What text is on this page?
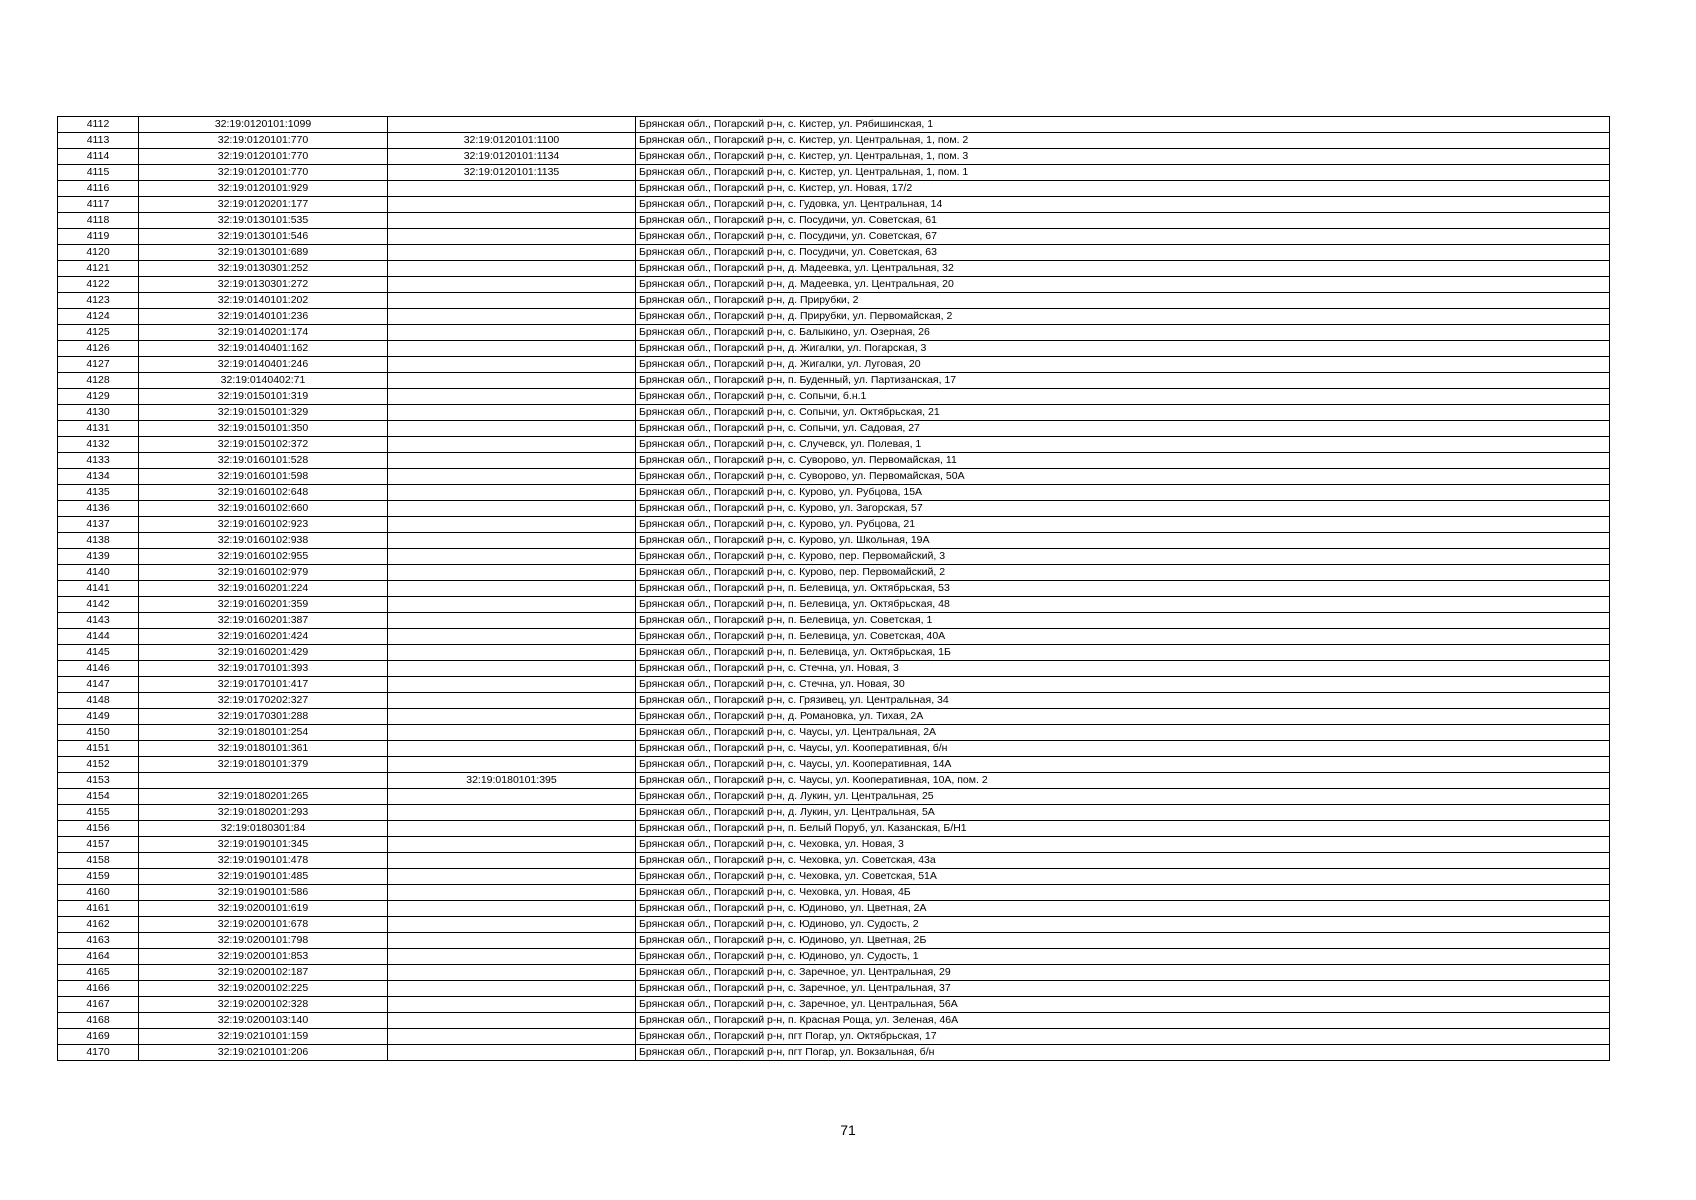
4112	32:19:0120101:1099		Брянская обл., Погарский р-н, с. Кистер, ул. Рябишинская, 1
4113	32:19:0120101:770	32:19:0120101:1100	Брянская обл., Погарский р-н, с. Кистер, ул. Центральная, 1, пом. 2
4114	32:19:0120101:770	32:19:0120101:1134	Брянская обл., Погарский р-н, с. Кистер, ул. Центральная, 1, пом. 3
4115	32:19:0120101:770	32:19:0120101:1135	Брянская обл., Погарский р-н, с. Кистер, ул. Центральная, 1, пом. 1
4116	32:19:0120101:929		Брянская обл., Погарский р-н, с. Кистер, ул. Новая, 17/2
4117	32:19:0120201:177		Брянская обл., Погарский р-н, с. Гудовка, ул. Центральная, 14
4118	32:19:0130101:535		Брянская обл., Погарский р-н, с. Посудичи, ул. Советская, 61
4119	32:19:0130101:546		Брянская обл., Погарский р-н, с. Посудичи, ул. Советская, 67
4120	32:19:0130101:689		Брянская обл., Погарский р-н, с. Посудичи, ул. Советская, 63
4121	32:19:0130301:252		Брянская обл., Погарский р-н, д. Мадеевка, ул. Центральная, 32
4122	32:19:0130301:272		Брянская обл., Погарский р-н, д. Мадеевка, ул. Центральная, 20
4123	32:19:0140101:202		Брянская обл., Погарский р-н, д. Прирубки, 2
4124	32:19:0140101:236		Брянская обл., Погарский р-н, д. Прирубки, ул. Первомайская, 2
4125	32:19:0140201:174		Брянская обл., Погарский р-н, с. Балыкино, ул. Озерная, 26
4126	32:19:0140401:162		Брянская обл., Погарский р-н, д. Жигалки, ул. Погарская, 3
4127	32:19:0140401:246		Брянская обл., Погарский р-н, д. Жигалки, ул. Луговая, 20
4128	32:19:0140402:71		Брянская обл., Погарский р-н, п. Буденный, ул. Партизанская, 17
4129	32:19:0150101:319		Брянская обл., Погарский р-н, с. Сопычи, б.н.1
4130	32:19:0150101:329		Брянская обл., Погарский р-н, с. Сопычи, ул. Октябрьская, 21
4131	32:19:0150101:350		Брянская обл., Погарский р-н, с. Сопычи, ул. Садовая, 27
4132	32:19:0150102:372		Брянская обл., Погарский р-н, с. Случевск, ул. Полевая, 1
4133	32:19:0160101:528		Брянская обл., Погарский р-н, с. Суворово, ул. Первомайская, 11
4134	32:19:0160101:598		Брянская обл., Погарский р-н, с. Суворово, ул. Первомайская, 50А
4135	32:19:0160102:648		Брянская обл., Погарский р-н, с. Курово, ул. Рубцова, 15А
4136	32:19:0160102:660		Брянская обл., Погарский р-н, с. Курово, ул. Загорская, 57
4137	32:19:0160102:923		Брянская обл., Погарский р-н, с. Курово, ул. Рубцова, 21
4138	32:19:0160102:938		Брянская обл., Погарский р-н, с. Курово, ул. Школьная, 19А
4139	32:19:0160102:955		Брянская обл., Погарский р-н, с. Курово, пер. Первомайский, 3
4140	32:19:0160102:979		Брянская обл., Погарский р-н, с. Курово, пер. Первомайский, 2
4141	32:19:0160201:224		Брянская обл., Погарский р-н, п. Белевица, ул. Октябрьская, 53
4142	32:19:0160201:359		Брянская обл., Погарский р-н, п. Белевица, ул. Октябрьская, 48
4143	32:19:0160201:387		Брянская обл., Погарский р-н, п. Белевица, ул. Советская, 1
4144	32:19:0160201:424		Брянская обл., Погарский р-н, п. Белевица, ул. Советская, 40А
4145	32:19:0160201:429		Брянская обл., Погарский р-н, п. Белевица, ул. Октябрьская, 1Б
4146	32:19:0170101:393		Брянская обл., Погарский р-н, с. Стечна, ул. Новая, 3
4147	32:19:0170101:417		Брянская обл., Погарский р-н, с. Стечна, ул. Новая, 30
4148	32:19:0170202:327		Брянская обл., Погарский р-н, с. Грязивец, ул. Центральная, 34
4149	32:19:0170301:288		Брянская обл., Погарский р-н, д. Романовка, ул. Тихая, 2А
4150	32:19:0180101:254		Брянская обл., Погарский р-н, с. Чаусы, ул. Центральная, 2А
4151	32:19:0180101:361		Брянская обл., Погарский р-н, с. Чаусы, ул. Кооперативная, б/н
4152	32:19:0180101:379		Брянская обл., Погарский р-н, с. Чаусы, ул. Кооперативная, 14А
4153		32:19:0180101:395	Брянская обл., Погарский р-н, с. Чаусы, ул. Кооперативная, 10А, пом. 2
4154	32:19:0180201:265		Брянская обл., Погарский р-н, д. Лукин, ул. Центральная, 25
4155	32:19:0180201:293		Брянская обл., Погарский р-н, д. Лукин, ул. Центральная, 5А
4156	32:19:0180301:84		Брянская обл., Погарский р-н, п. Белый Поруб, ул. Казанская, Б/Н1
4157	32:19:0190101:345		Брянская обл., Погарский р-н, с. Чеховка, ул. Новая, 3
4158	32:19:0190101:478		Брянская обл., Погарский р-н, с. Чеховка, ул. Советская, 43а
4159	32:19:0190101:485		Брянская обл., Погарский р-н, с. Чеховка, ул. Советская, 51А
4160	32:19:0190101:586		Брянская обл., Погарский р-н, с. Чеховка, ул. Новая, 4Б
4161	32:19:0200101:619		Брянская обл., Погарский р-н, с. Юдиново, ул. Цветная, 2А
4162	32:19:0200101:678		Брянская обл., Погарский р-н, с. Юдиново, ул. Судость, 2
4163	32:19:0200101:798		Брянская обл., Погарский р-н, с. Юдиново, ул. Цветная, 2Б
4164	32:19:0200101:853		Брянская обл., Погарский р-н, с. Юдиново, ул. Судость, 1
4165	32:19:0200102:187		Брянская обл., Погарский р-н, с. Заречное, ул. Центральная, 29
4166	32:19:0200102:225		Брянская обл., Погарский р-н, с. Заречное, ул. Центральная, 37
4167	32:19:0200102:328		Брянская обл., Погарский р-н, с. Заречное, ул. Центральная, 56А
4168	32:19:0200103:140		Брянская обл., Погарский р-н, п. Красная Роща, ул. Зеленая, 46А
4169	32:19:0210101:159		Брянская обл., Погарский р-н, пгт Погар, ул. Октябрьская, 17
4170	32:19:0210101:206		Брянская обл., Погарский р-н, пгт Погар, ул. Вокзальная, б/н
71
